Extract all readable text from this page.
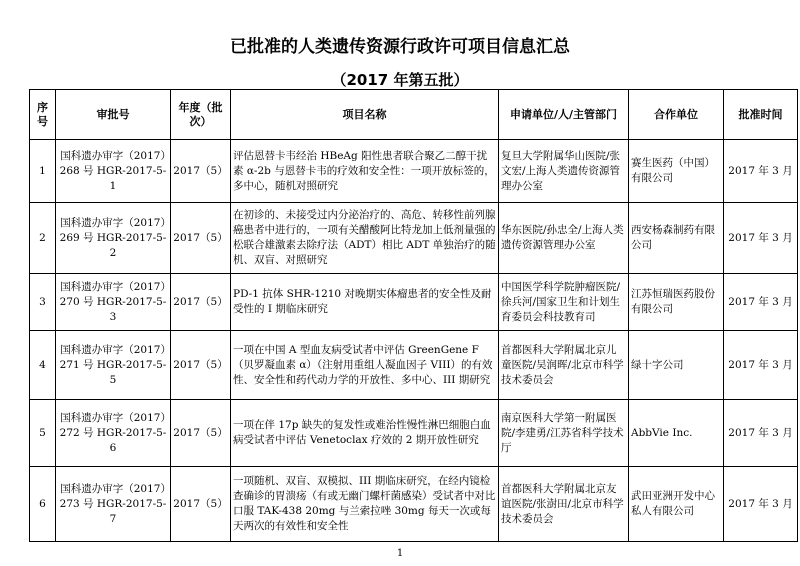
已批准的人类遗传资源行政许可项目信息汇总
（2017 年第五批）
序号	审批号	年度（批次）	项目名称	申请单位/人/主管部门	合作单位	批准时间
1	国科遗办审字（2017）268 号 HGR-2017-5-1	2017（5）	评估恩替卡韦经治 HBeAg 阳性患者联合聚乙二醇干扰素 α-2b 与恩替卡韦的疗效和安全性：一项开放标签的，多中心，随机对照研究	复旦大学附属华山医院/张文宏/上海人类遗传资源管理办公室	赛生医药（中国）有限公司	2017 年 3 月
2	国科遗办审字（2017）269 号 HGR-2017-5-2	2017（5）	在初诊的、未接受过内分泌治疗的、高危、转移性前列腺癌患者中进行的，一项有关醋酸阿比特龙加上低剂量强的松联合雄激素去除疗法（ADT）相比 ADT 单独治疗的随机、双盲、对照研究	华东医院/孙忠全/上海人类遗传资源管理办公室	西安杨森制药有限公司	2017 年 3 月
3	国科遗办审字（2017）270 号 HGR-2017-5-3	2017（5）	PD-1 抗体 SHR-1210 对晚期实体瘤患者的安全性及耐受性的 I 期临床研究	中国医学科学院肿瘤医院/徐兵河/国家卫生和计划生育委员会科技教育司	江苏恒瑞医药股份有限公司	2017 年 3 月
4	国科遗办审字（2017）271 号 HGR-2017-5-5	2017（5）	一项在中国 A 型血友病受试者中评估 GreenGene F（贝罗凝血素 α）（注射用重组人凝血因子 VIII）的有效性、安全性和药代动力学的开放性、多中心、III 期研究	首都医科大学附属北京儿童医院/吴润晖/北京市科学技术委员会	绿十字公司	2017 年 3 月
5	国科遗办审字（2017）272 号 HGR-2017-5-6	2017（5）	一项在伴 17p 缺失的复发性或难治性慢性淋巴细胞白血病受试者中评估 Venetoclax 疗效的 2 期开放性研究	南京医科大学第一附属医院/李建勇/江苏省科学技术厅	AbbVie Inc.	2017 年 3 月
6	国科遗办审字（2017）273 号 HGR-2017-5-7	2017（5）	一项随机、双盲、双模拟、III 期临床研究，在经内镜检查确诊的胃溃疡（有或无幽门螺杆菌感染）受试者中对比口服 TAK-438 20mg 与兰索拉唑 30mg 每天一次或每天两次的有效性和安全性	首都医科大学附属北京友谊医院/张澍田/北京市科学技术委员会	武田亚洲开发中心私人有限公司	2017 年 3 月
1
